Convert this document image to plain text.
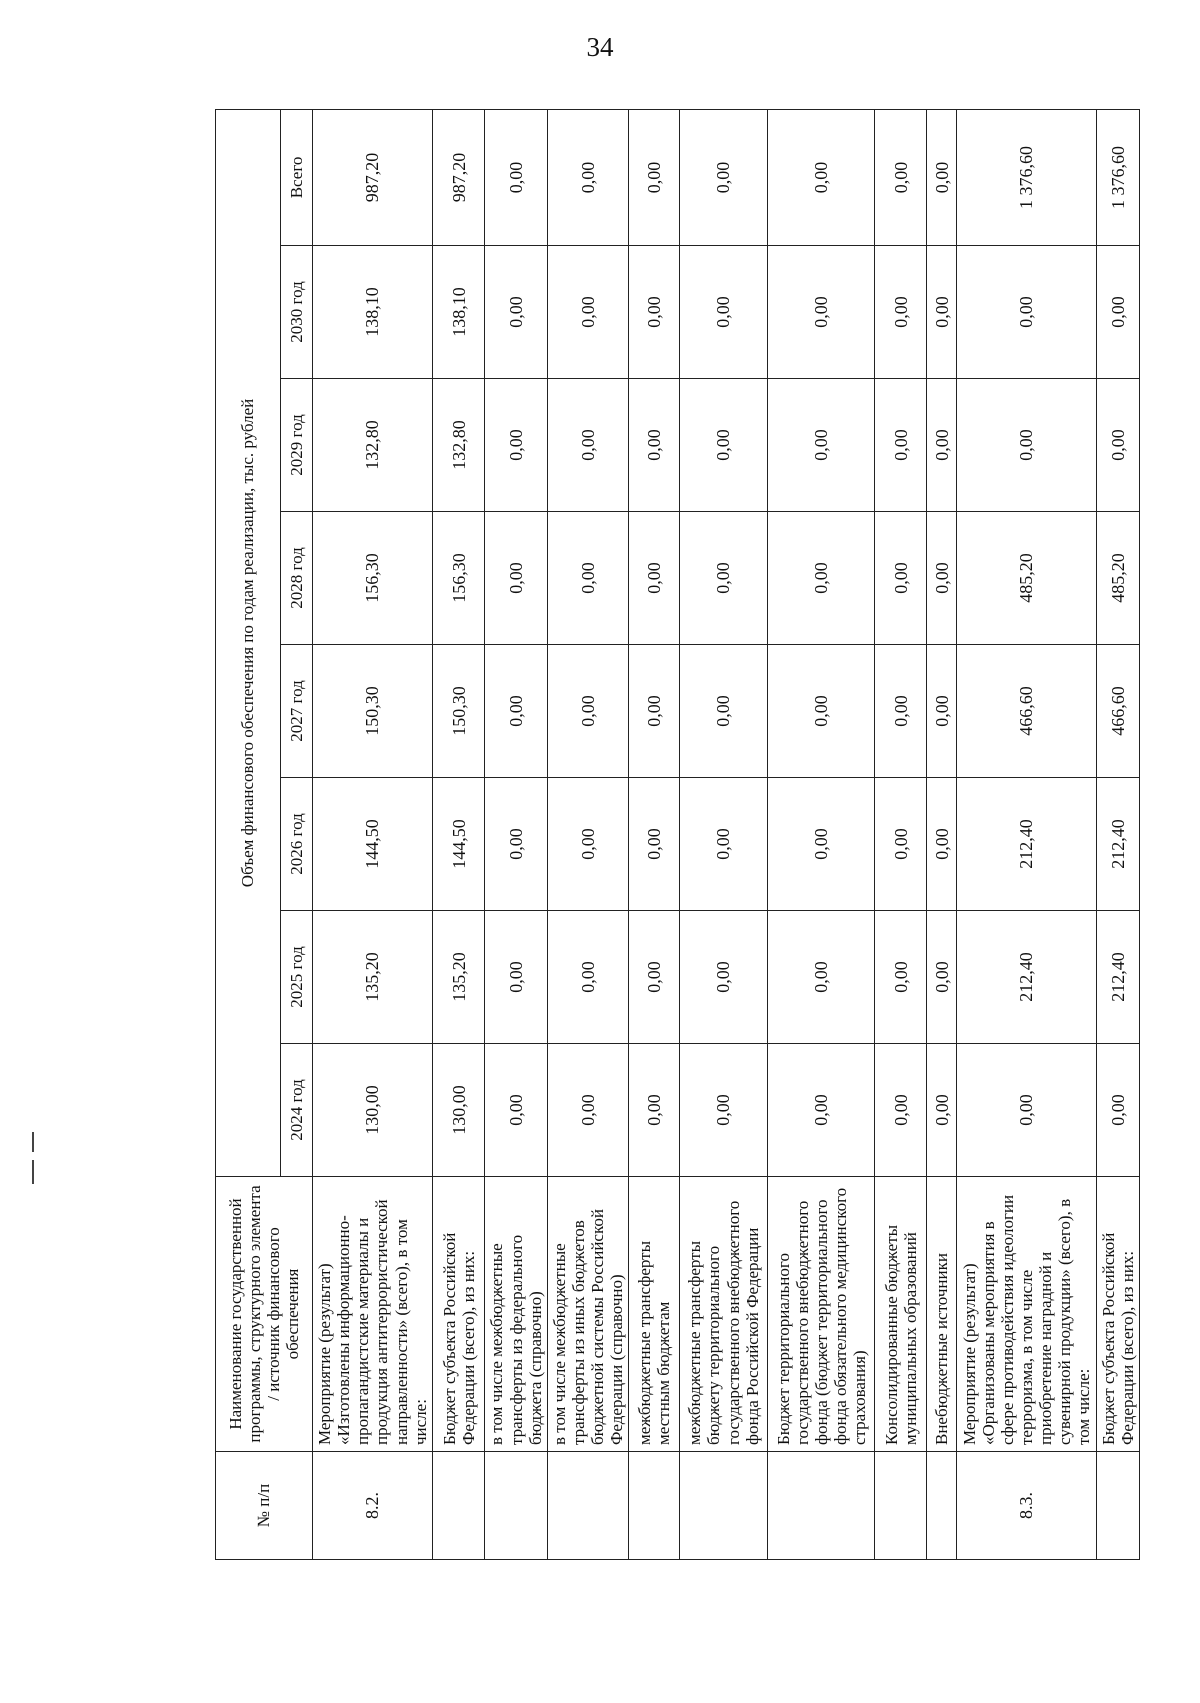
34
№ п/п	Наименование государственной программы, структурного элемента / источник финансового обеспечения	Объем финансового обеспечения по годам реализации, тыс. рублей							
		2024 год	2025 год	2026 год	2027 год	2028 год	2029 год	2030 год	Всего
8.2.	Мероприятие (результат) «Изготовлены информационно-пропагандистские материалы и продукция антитеррористической направленности» (всего), в том числе:	130,00	135,20	144,50	150,30	156,30	132,80	138,10	987,20
	Бюджет субъекта Российской Федерации (всего), из них:	130,00	135,20	144,50	150,30	156,30	132,80	138,10	987,20
	в том числе межбюджетные трансферты из федерального бюджета (справочно)	0,00	0,00	0,00	0,00	0,00	0,00	0,00	0,00
	в том числе межбюджетные трансферты из иных бюджетов бюджетной системы Российской Федерации (справочно)	0,00	0,00	0,00	0,00	0,00	0,00	0,00	0,00
	межбюджетные трансферты местным бюджетам	0,00	0,00	0,00	0,00	0,00	0,00	0,00	0,00
	межбюджетные трансферты бюджету территориального государственного внебюджетного фонда Российской Федерации	0,00	0,00	0,00	0,00	0,00	0,00	0,00	0,00
	Бюджет территориального государственного внебюджетного фонда (бюджет территориального фонда обязательного медицинского страхования)	0,00	0,00	0,00	0,00	0,00	0,00	0,00	0,00
	Консолидированные бюджеты муниципальных образований	0,00	0,00	0,00	0,00	0,00	0,00	0,00	0,00
	Внебюджетные источники	0,00	0,00	0,00	0,00	0,00	0,00	0,00	0,00
8.3.	Мероприятие (результат) «Организованы мероприятия в сфере противодействия идеологии терроризма, в том числе приобретение наградной и сувенирной продукции» (всего), в том числе:	0,00	212,40	212,40	466,60	485,20	0,00	0,00	1 376,60
	Бюджет субъекта Российской Федерации (всего), из них:	0,00	212,40	212,40	466,60	485,20	0,00	0,00	1 376,60
